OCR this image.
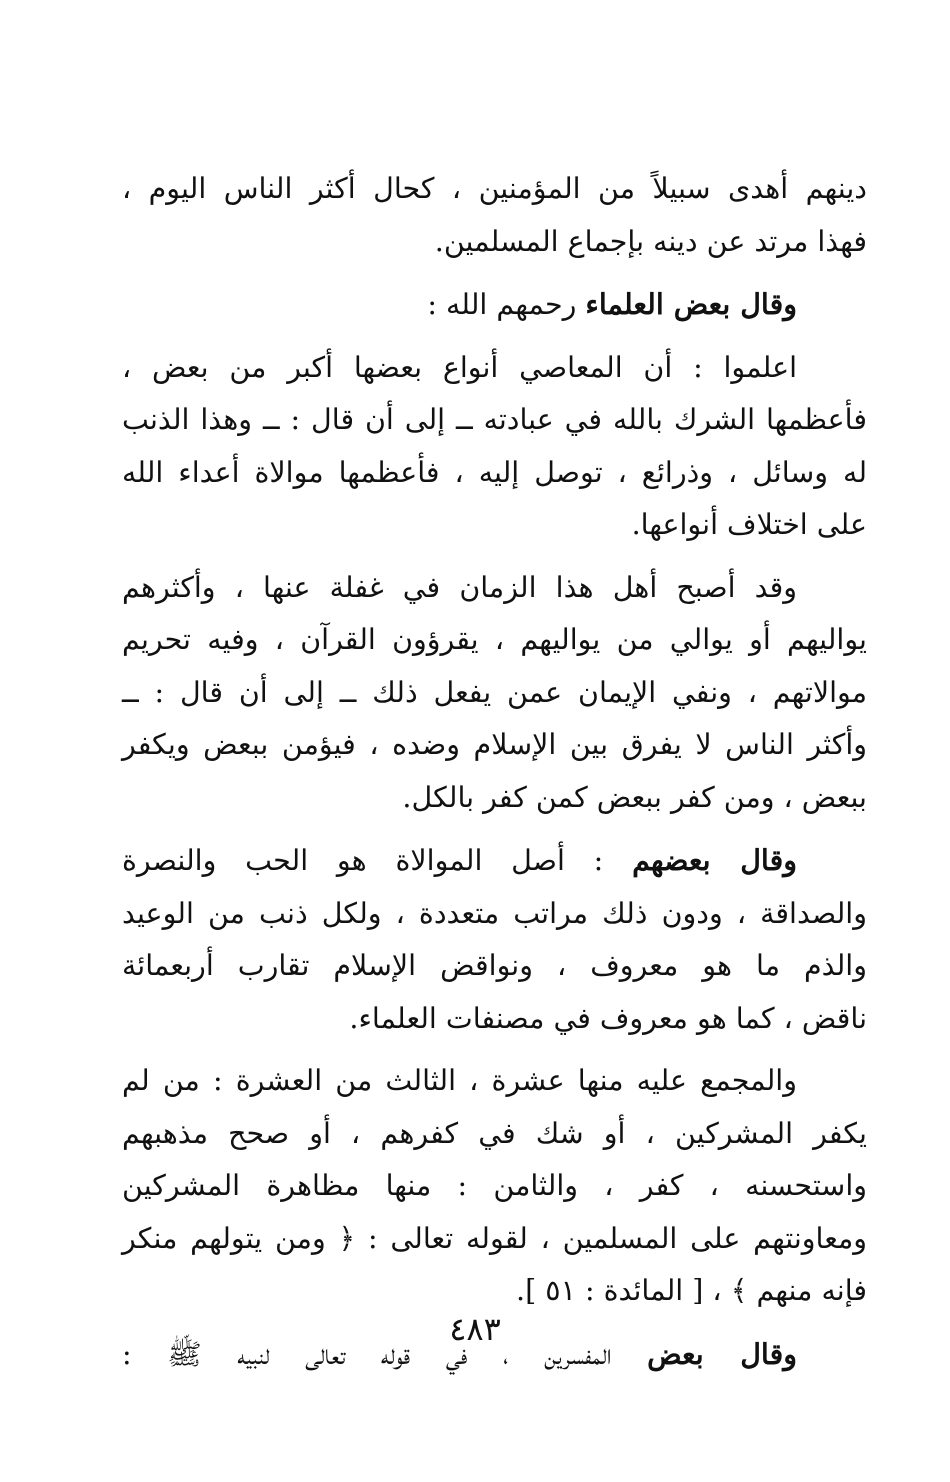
دينهم أهدى سبيلاً من المؤمنين ، كحال أكثر الناس اليوم ،
فهذا مرتد عن دينه بإجماع المسلمين.
وقال بعض العلماء رحمهم الله :
اعلموا : أن المعاصي أنواع بعضها أكبر من بعض ،
فأعظمها الشرك بالله في عبادته ــ إلى أن قال : ــ وهذا الذنب
له وسائل ، وذرائع ، توصل إليه ، فأعظمها موالاة أعداء الله
على اختلاف أنواعها.
وقد أصبح أهل هذا الزمان في غفلة عنها ، وأكثرهم
يواليهم أو يوالي من يواليهم ، يقرؤون القرآن ، وفيه تحريم
موالاتهم ، ونفي الإيمان عمن يفعل ذلك ــ إلى أن قال : ــ
وأكثر الناس لا يفرق بين الإسلام وضده ، فيؤمن ببعض ويكفر
ببعض ، ومن كفر ببعض كمن كفر بالكل.
وقال بعضهم : أصل الموالاة هو الحب والنصرة
والصداقة ، ودون ذلك مراتب متعددة ، ولكل ذنب من الوعيد
والذم ما هو معروف ، ونواقض الإسلام تقارب أربعمائة
ناقض ، كما هو معروف في مصنفات العلماء.
والمجمع عليه منها عشرة ، الثالث من العشرة : من لم
يكفر المشركين ، أو شك في كفرهم ، أو صحح مذهبهم
واستحسنه ، كفر ، والثامن : منها مظاهرة المشركين
ومعاونتهم على المسلمين ، لقوله تعالى : ﴿ ومن يتولهم منكر
فإنه منهم ﴾ ، [ المائدة : ٥١ ].
وقال بعض المفسرين ، في قوله تعالى لنبيه ﷺ :
٤٨٣
